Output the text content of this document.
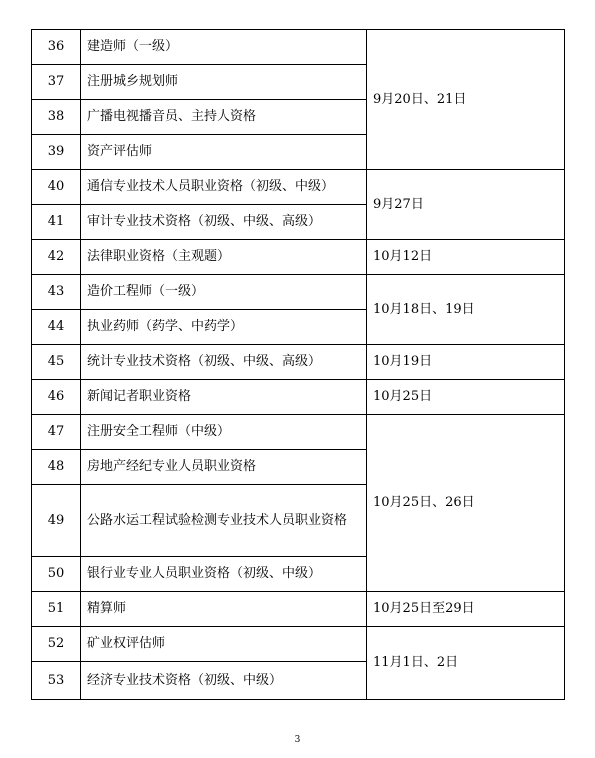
36	建造师（一级）	9月20日、21日
37	注册城乡规划师	
38	广播电视播音员、主持人资格	
39	资产评估师	
40	通信专业技术人员职业资格（初级、中级）	9月27日
41	审计专业技术资格（初级、中级、高级）	
42	法律职业资格（主观题）	10月12日
43	造价工程师（一级）	10月18日、19日
44	执业药师（药学、中药学）	
45	统计专业技术资格（初级、中级、高级）	10月19日
46	新闻记者职业资格	10月25日
47	注册安全工程师（中级）	10月25日、26日
48	房地产经纪专业人员职业资格	
49	公路水运工程试验检测专业技术人员职业资格	
50	银行业专业人员职业资格（初级、中级）	
51	精算师	10月25日至29日
52	矿业权评估师	11月1日、2日
53	经济专业技术资格（初级、中级）	
3
